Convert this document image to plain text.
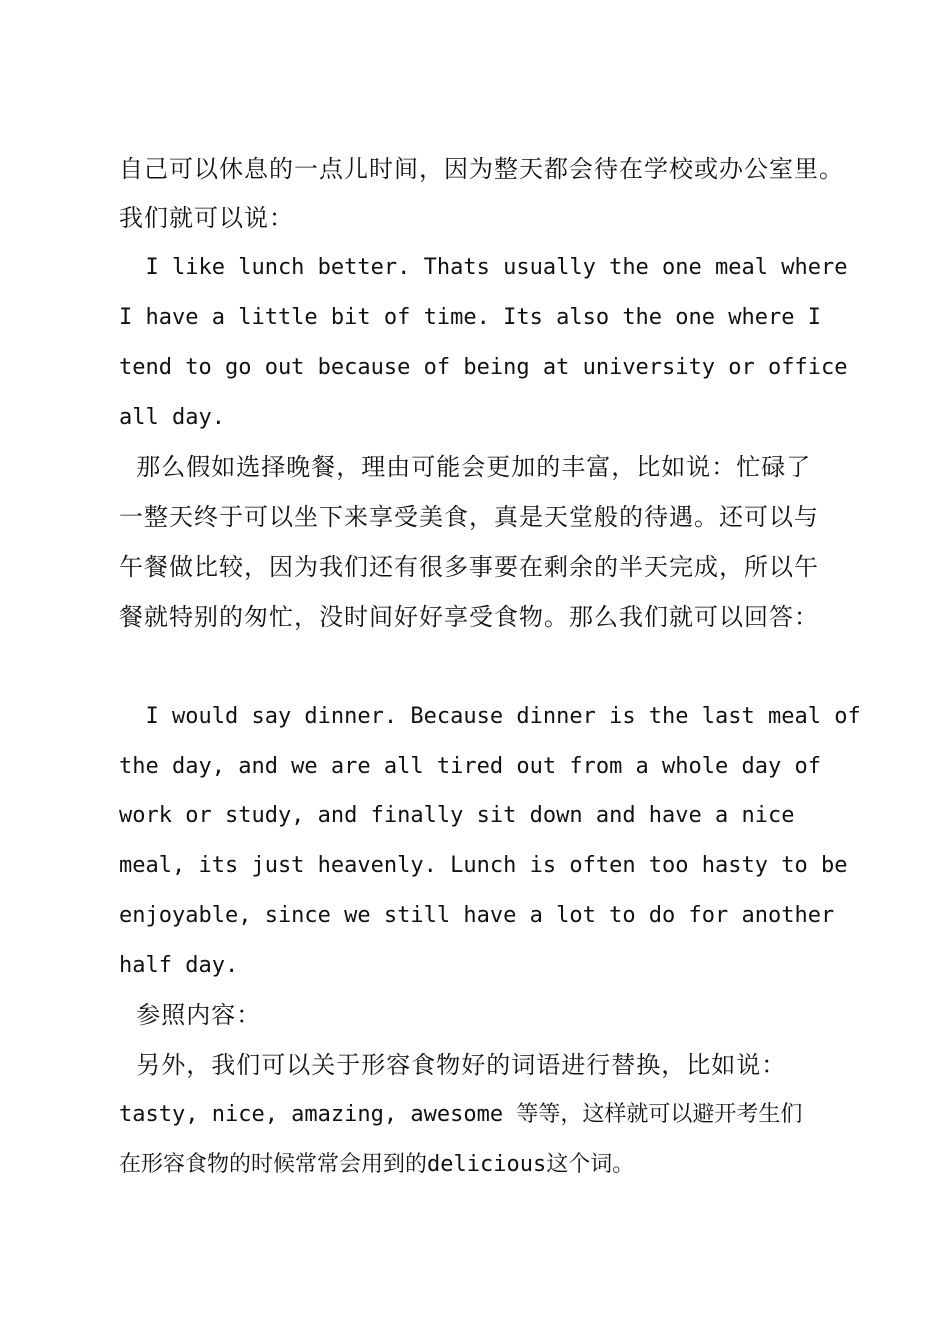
自己可以休息的一点儿时间，因为整天都会待在学校或办公室里。
我们就可以说：
I like lunch better. Thats usually the one meal where
I have a little bit of time. Its also the one where I
tend to go out because of being at university or office
all day.
那么假如选择晚餐，理由可能会更加的丰富，比如说：忙碌了
一整天终于可以坐下来享受美食，真是天堂般的待遇。还可以与
午餐做比较，因为我们还有很多事要在剩余的半天完成，所以午
餐就特别的匆忙，没时间好好享受食物。那么我们就可以回答：
I would say dinner. Because dinner is the last meal of
the day, and we are all tired out from a whole day of
work or study, and finally sit down and have a nice
meal, its just heavenly. Lunch is often too hasty to be
enjoyable, since we still have a lot to do for another
half day.
参照内容：
另外，我们可以关于形容食物好的词语进行替换，比如说：
tasty, nice, amazing, awesome 等等，这样就可以避开考生们
在形容食物的时候常常会用到的delicious这个词。
